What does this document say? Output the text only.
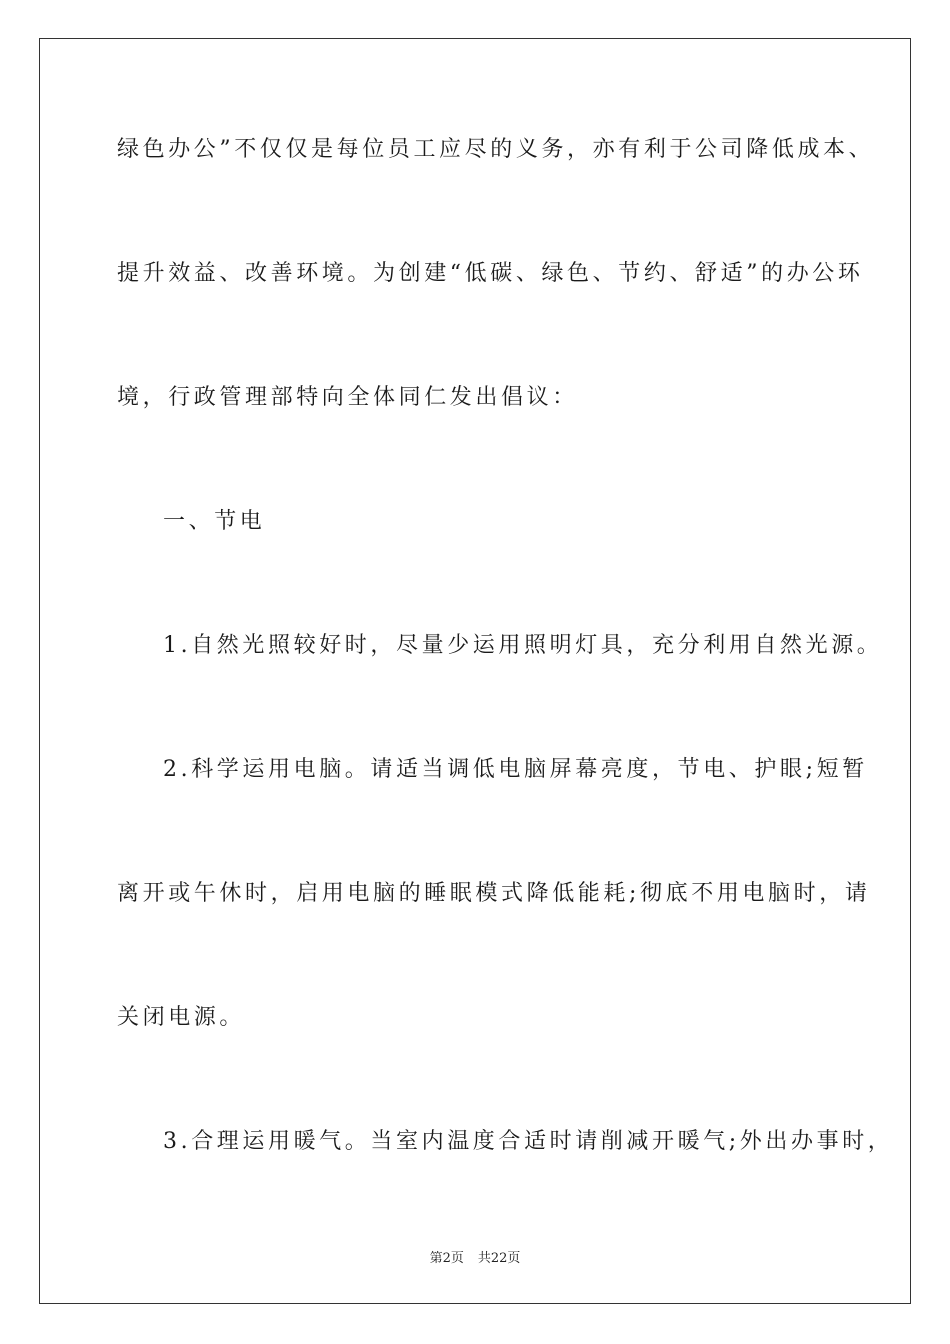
绿色办公”不仅仅是每位员工应尽的义务，亦有利于公司降低成本、
提升效益、改善环境。为创建“低碳、绿色、节约、舒适”的办公环
境，行政管理部特向全体同仁发出倡议：
一、节电
1.自然光照较好时，尽量少运用照明灯具，充分利用自然光源。
2.科学运用电脑。请适当调低电脑屏幕亮度，节电、护眼;短暂
离开或午休时，启用电脑的睡眠模式降低能耗;彻底不用电脑时，请
关闭电源。
3.合理运用暖气。当室内温度合适时请削减开暖气;外出办事时，
第2页 共22页
